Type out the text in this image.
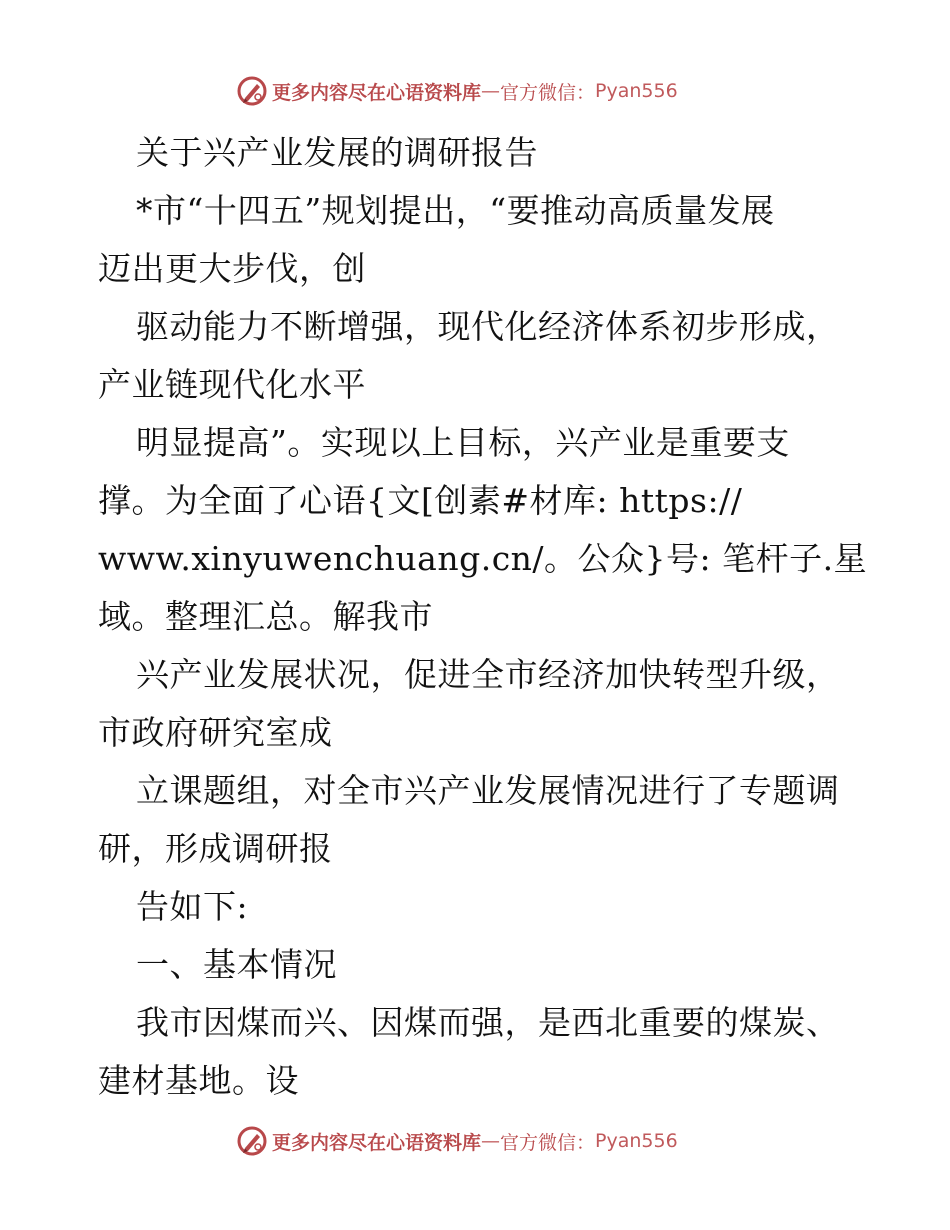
更多内容尽在心语资料库 — 官方微信： Pyan556
关于兴产业发展的调研报告
*市“十四五”规划提出，“要推动高质量发展
迈出更大步伐，创
驱动能力不断增强，现代化经济体系初步形成，
产业链现代化水平
明显提高”。实现以上目标，兴产业是重要支
撑。为全面了心语{文[创素#材库: https://
www.xinyuwenchuang.cn/。公众}号: 笔杆子.星
域。整理汇总。解我市
兴产业发展状况，促进全市经济加快转型升级，
市政府研究室成
立课题组，对全市兴产业发展情况进行了专题调
研，形成调研报
告如下:
一、基本情况
我市因煤而兴、因煤而强，是西北重要的煤炭、
建材基地。设
更多内容尽在心语资料库 — 官方微信： Pyan556
